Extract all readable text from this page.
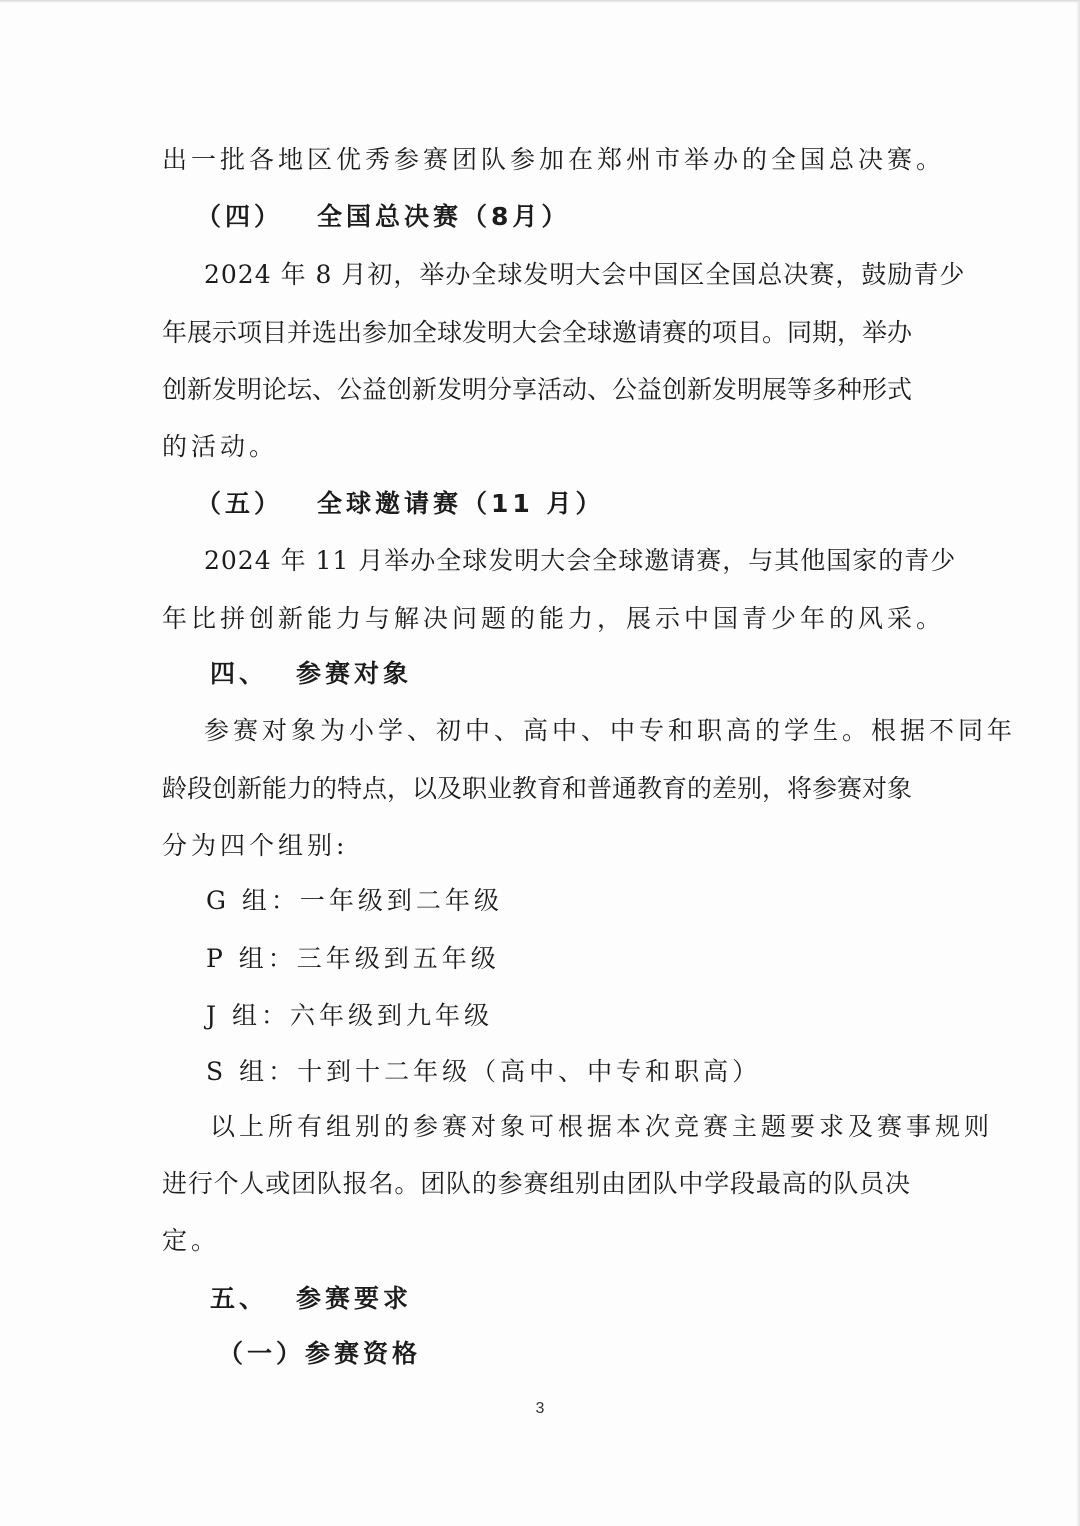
出一批各地区优秀参赛团队参加在郑州市举办的全国总决赛。

（四） 全国总决赛（8月）

2024 年 8 月初，举办全球发明大会中国区全国总决赛，鼓励青少

年展示项目并选出参加全球发明大会全球邀请赛的项目。同期，举办

创新发明论坛、公益创新发明分享活动、公益创新发明展等多种形式

的活动。

（五） 全球邀请赛（11 月）

2024 年 11 月举办全球发明大会全球邀请赛，与其他国家的青少

年比拼创新能力与解决问题的能力，展示中国青少年的风采。

四、 参赛对象

参赛对象为小学、初中、高中、中专和职高的学生。根据不同年

龄段创新能力的特点，以及职业教育和普通教育的差别，将参赛对象

分为四个组别:

G 组：一年级到二年级

P 组：三年级到五年级

J 组：六年级到九年级

S 组：十到十二年级（高中、中专和职高）

以上所有组别的参赛对象可根据本次竞赛主题要求及赛事规则

进行个人或团队报名。团队的参赛组别由团队中学段最高的队员决

定。

五、 参赛要求

（一）参赛资格

3
